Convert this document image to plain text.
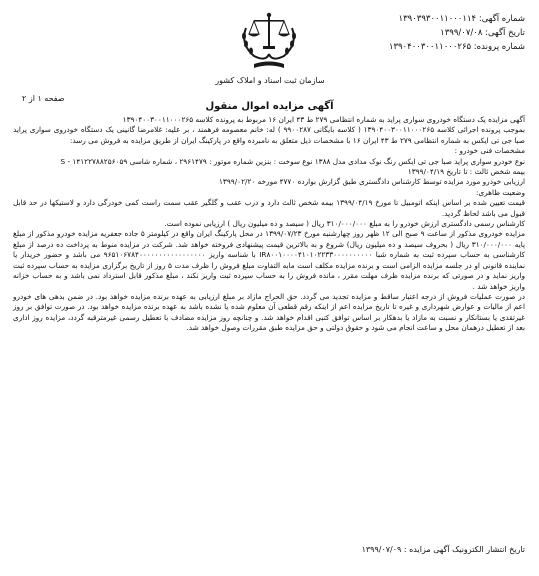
شماره آگهی: ۱۳۹۰۳۹۳۰۰۱۱۰۰۰۱۱۴
تاریخ آگهی: ۱۳۹۹/۰۷/۰۸
شماره پرونده: ۱۳۹۰۴۰۰۳۰۰۱۱۰۰۰۲۶۵
سازمان ثبت اسناد و املاک کشور
صفحه ۱ از ۲
آگهی مزایده اموال منقول

آگهی مزایده یک دستگاه خودروی سواری پراید به شماره انتظامی ۲۷۹ ط ۴۳ ایران ۱۶ مربوط به پرونده کلاسه ۱۳۹۰۴۰۰۳۰۰۱۱۰۰۰۲۶۵

بموجب پرونده اجرائی کلاسه ۱۳۹۰۴۰۰۳۰۰۱۱۰۰۰۲۶۵ ( کلاسه بایگانی ۹۹۰۰۲۸۷ ) له: خانم معصومه فرهمند ، بر علیه: غلامرضا گانینی یک دستگاه خودروی سواری پراید صبا جی تی ایکس به شماره انتظامی ۲۷۹ ط ۴۳ ایران ۱۶ با مشخصات ذیل متعلق به نامبرده واقع در پارکینگ ایران از طریق مزایده به فروش می رسد:

مشخصات فنی خودرو :

نوع خودرو سواری پراید صبا جی تی ایکس رنگ نوک مدادی مدل ۱۳۸۸ نوع سوخت : بنزین شماره موتور : ۲۹۶۱۴۷۹ ، شماره شاسی ۱۴۱۲۲۷۸۸۲۵۶۰۵۹ - S

بیمه شخص ثالث : تا تاریخ ۱۳۹۹/۰۴/۱۹

ارزیابی خودرو مورد مزایده توسط کارشناس دادگستری طبق گزارش بوارده ۴۷۷۰ مورخه ۱۳۹۹/۰۲/۲۰

وضعیت ظاهری:

قیمت تعیین شده بر اساس اینکه اتومبیل تا مورخ ۱۳۹۹/۰۴/۱۹ بیمه شخص ثالث دارد و درب عقب و گلگیر عقب سمت راست کمی خودرگی دارد و لاستیکها در حد قابل قبول می باشد لحاظ گردید.

کارشناس رسمی دادگستری ارزش خودرو را به مبلغ ۳۱۰/۰۰۰/۰۰۰ ریال ( سیصد و ده میلیون ریال ) ارزیابی نموده است.

مزایده خودروی مذکور از ساعت ۹ صبح الی ۱۲ ظهر روز چهارشنبه مورخ ۱۳۹۹/۰۷/۲۳ در محل پارکینگ ایران واقع در کیلومتر ۵ جاده جعفریه مزایده خودرو مذکور از مبلغ پایه ۳۱۰/۰۰۰/۰۰۰ ریال ( بحروف سیصد و ده میلیون ریال) شروع و به بالاترین قیمت پیشنهادی فروخته خواهد شد. شرکت در مزایده منوط به پرداخت ده درصد از مبلغ کارشناسی به حساب سپرده ثبت به شماره شبا IR۸۰۰۱۰۰۰۰۴۱۰۱۰۲۲۳۳۰۰۰۰۰۰۰۰۰۰ با شناسه واریز ۹۶۵۱۰۶۷۸۴۰۰۰۰۰۰۰۰۰۰۰۰۰۰۰۰۰ می باشد و حضور خریدار یا نماینده قانونی او در جلسه مزایده الزامی است و برنده مزایده مکلف است مابه التفاوت مبلغ فروش را ظرف مدت ۵ روز از تاریخ برگزاری مزایده به حساب سپرده ثبت واریز نماید و در صورتی که برنده مزایده ظرف مهلت مقرر ، مانده فروش را به حساب سپرده ثبت واریز نکند ، مبلغ مذکور قابل استرداد نمی باشد و به حساب خزانه واریز خواهد شد .

در صورت عملیات فروش از درجه اعتبار ساقط و مزایده تجدید می گردد. حق الحراج مازاد بر مبلغ ارزیابی به عهده برنده مزایده خواهد بود. در ضمن بدهی های خودرو اعم از مالیات و عوارض شهرداری و غیره تا تاریخ مزایده اعم از اینکه رقم قطعی آن معلوم شده یا نشده باشد به عهده برنده مزایده خواهد بود. در صورت توافق بر روز غیرتقدی یا بستانکار و نسبت به مازاد یا بدهکار بر اساس توافق کتبی اقدام خواهد شد. و چنانچه روز مزایده مصادف با تعطیل رسمی غیرمترقبه گردد، مزایده روز اداری بعد از تعطیل درهمان محل و ساعت انجام می شود و حقوق دولتی و حق مزایده طبق مقررات وصول خواهد شد.

تاریخ انتشار الکترونیک آگهی مزایده : ۱۳۹۹/۰۷/۰۹
